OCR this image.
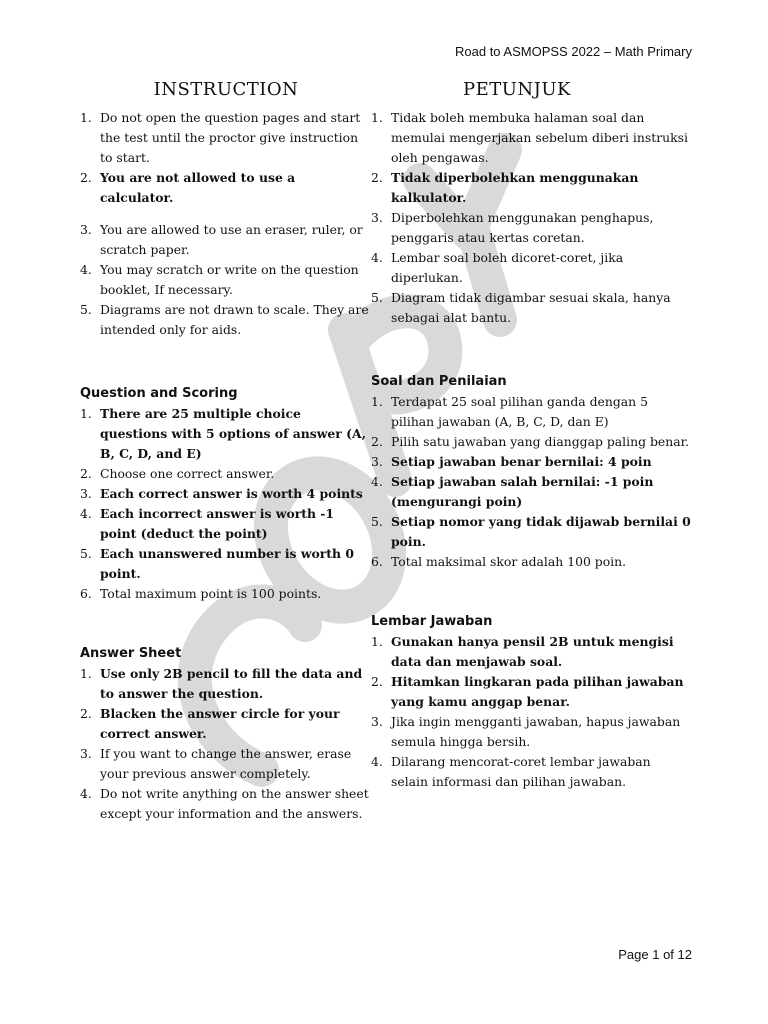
Road to ASMOPSS 2022 – Math Primary
INSTRUCTION
1. Do not open the question pages and start the test until the proctor give instruction to start.
2. You are not allowed to use a calculator.
3. You are allowed to use an eraser, ruler, or scratch paper.
4. You may scratch or write on the question booklet, If necessary.
5. Diagrams are not drawn to scale. They are intended only for aids.
Question and Scoring
1. There are 25 multiple choice questions with 5 options of answer (A, B, C, D, and E)
2. Choose one correct answer.
3. Each correct answer is worth 4 points
4. Each incorrect answer is worth -1 point (deduct the point)
5. Each unanswered number is worth 0 point.
6. Total maximum point is 100 points.
Answer Sheet
1. Use only 2B pencil to fill the data and to answer the question.
2. Blacken the answer circle for your correct answer.
3. If you want to change the answer, erase your previous answer completely.
4. Do not write anything on the answer sheet except your information and the answers.
PETUNJUK
1. Tidak boleh membuka halaman soal dan memulai mengerjakan sebelum diberi instruksi oleh pengawas.
2. Tidak diperbolehkan menggunakan kalkulator.
3. Diperbolehkan menggunakan penghapus, penggaris atau kertas coretan.
4. Lembar soal boleh dicoret-coret, jika diperlukan.
5. Diagram tidak digambar sesuai skala, hanya sebagai alat bantu.
Soal dan Penilaian
1. Terdapat 25 soal pilihan ganda dengan 5 pilihan jawaban (A, B, C, D, dan E)
2. Pilih satu jawaban yang dianggap paling benar.
3. Setiap jawaban benar bernilai: 4 poin
4. Setiap jawaban salah bernilai: -1 poin (mengurangi poin)
5. Setiap nomor yang tidak dijawab bernilai 0 poin.
6. Total maksimal skor adalah 100 poin.
Lembar Jawaban
1. Gunakan hanya pensil 2B untuk mengisi data dan menjawab soal.
2. Hitamkan lingkaran pada pilihan jawaban yang kamu anggap benar.
3. Jika ingin mengganti jawaban, hapus jawaban semula hingga bersih.
4. Dilarang mencorat-coret lembar jawaban selain informasi dan pilihan jawaban.
Page 1 of 12
